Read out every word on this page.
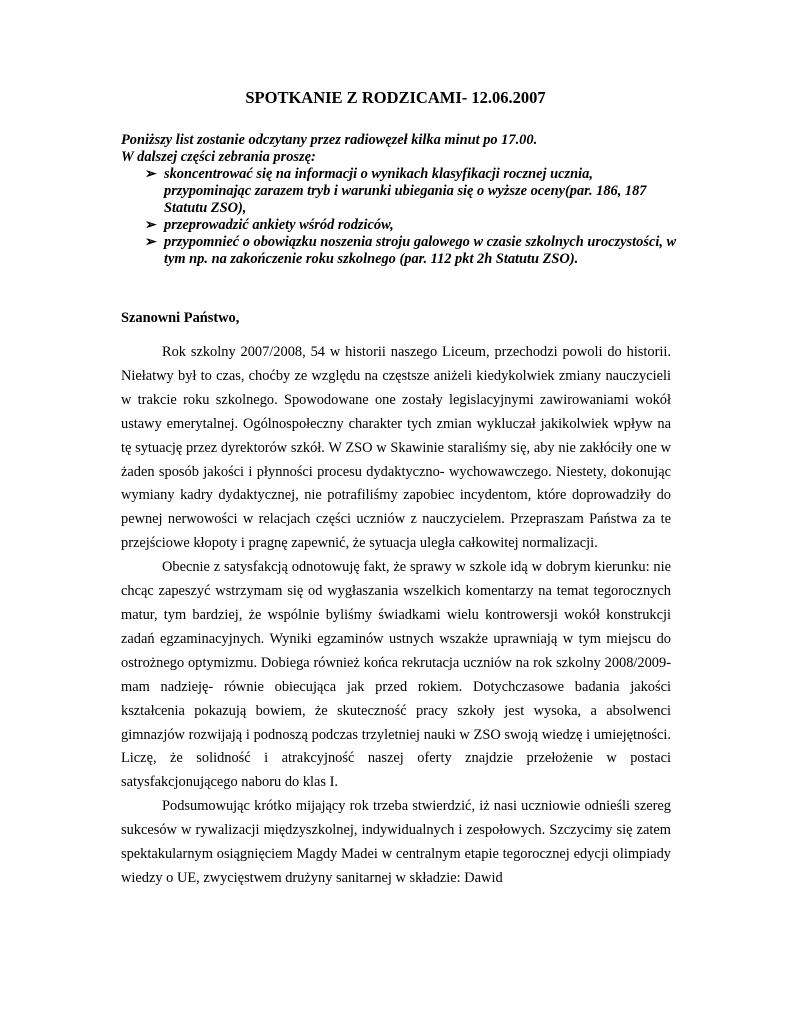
SPOTKANIE Z RODZICAMI- 12.06.2007

Poniższy list zostanie odczytany przez radiowęzeł kilka minut po 17.00.

W dalszej części zebrania proszę:

➢ skoncentrować się na informacji o wynikach klasyfikacji rocznej ucznia, przypominając zarazem tryb i warunki ubiegania się o wyższe oceny(par. 186, 187 Statutu ZSO),
➢ przeprowadzić ankiety wśród rodziców,
➢ przypomnieć o obowiązku noszenia stroju galowego w czasie szkolnych uroczystości, w tym np. na zakończenie roku szkolnego (par. 112 pkt 2h Statutu ZSO).

Szanowni Państwo,

Rok szkolny 2007/2008, 54 w historii naszego Liceum, przechodzi powoli do historii. Niełatwy był to czas, choćby ze względu na częstsze aniżeli kiedykolwiek zmiany nauczycieli w trakcie roku szkolnego. Spowodowane one zostały legislacyjnymi zawirowaniami wokół ustawy emerytalnej. Ogólnospołeczny charakter tych zmian wykluczał jakikolwiek wpływ na tę sytuację przez dyrektorów szkół. W ZSO w Skawinie staraliśmy się, aby nie zakłóciły one w żaden sposób jakości i płynności procesu dydaktyczno- wychowawczego. Niestety, dokonując wymiany kadry dydaktycznej, nie potrafiliśmy zapobiec incydentom, które doprowadziły do pewnej nerwowości w relacjach części uczniów z nauczycielem. Przepraszam Państwa za te przejściowe kłopoty i pragnę zapewnić, że sytuacja uległa całkowitej normalizacji.

Obecnie z satysfakcją odnotowuję fakt, że sprawy w szkole idą w dobrym kierunku: nie chcąc zapeszyć wstrzymam się od wygłaszania wszelkich komentarzy na temat tegorocznych matur, tym bardziej, że wspólnie byliśmy świadkami wielu kontrowersji wokół konstrukcji zadań egzaminacyjnych. Wyniki egzaminów ustnych wszakże uprawniają w tym miejscu do ostrożnego optymizmu. Dobiega również końca rekrutacja uczniów na rok szkolny 2008/2009- mam nadzieję- równie obiecująca jak przed rokiem. Dotychczasowe badania jakości kształcenia pokazują bowiem, że skuteczność pracy szkoły jest wysoka, a absolwenci gimnazjów rozwijają i podnoszą podczas trzyletniej nauki w ZSO swoją wiedzę i umiejętności. Liczę, że solidność i atrakcyjność naszej oferty znajdzie przełożenie w postaci satysfakcjonującego naboru do klas I.

Podsumowując krótko mijający rok trzeba stwierdzić, iż nasi uczniowie odnieśli szereg sukcesów w rywalizacji międzyszkolnej, indywidualnych i zespołowych. Szczycimy się zatem spektakularnym osiągnięciem Magdy Madei w centralnym etapie tegorocznej edycji olimpiady wiedzy o UE, zwycięstwem drużyny sanitarnej w składzie: Dawid
